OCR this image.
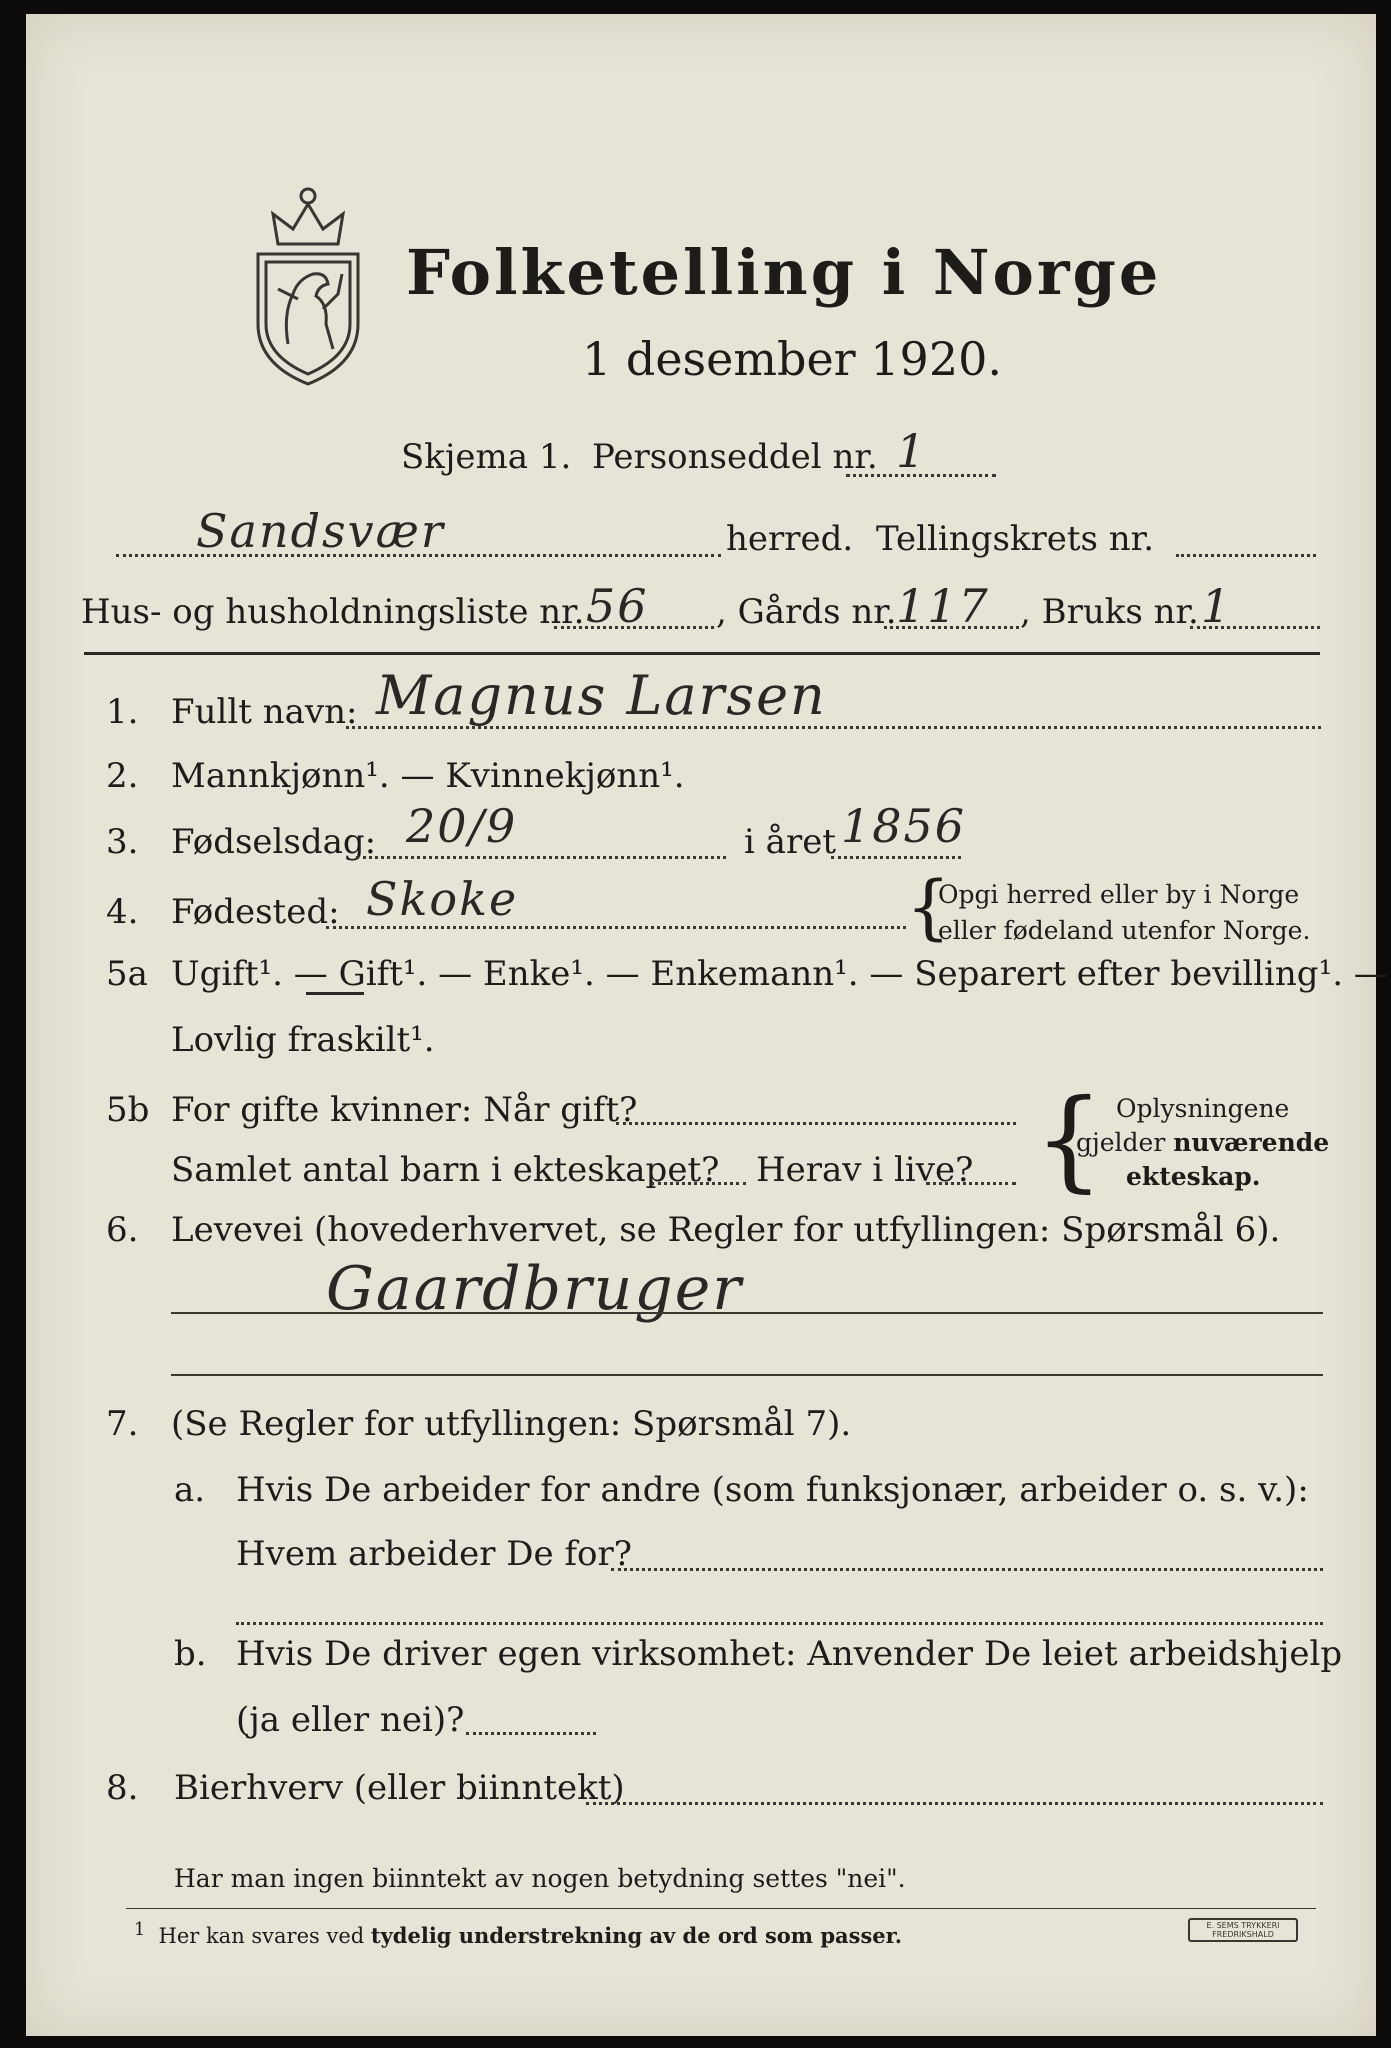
Folketelling i Norge
1 desember 1920.
Skjema 1. Personseddel nr. 1
Sandsvær	herred. Tellingskrets nr.
Hus- og husholdningsliste nr. 56 , Gårds nr. 117 , Bruks nr. 1
1. Fullt navn: Magnus Larsen
2. Mannkjønn¹. — Kvinnekjønn¹.
3. Fødselsdag: 20/9	i året 1856
4. Fødested: Skoke	{
Opgi herred eller by i Norge
eller fødeland utenfor Norge.
5a Ugift¹. — Gift¹. — Enke¹. — Enkemann¹. — Separert efter bevilling¹. —
Lovlig fraskilt¹.
5b For gifte kvinner: Når gift?
Samlet antal barn i ekteskapet? Herav i live? { Oplysningene
gjelder nuværende
ekteskap.
6. Levevei (hovederhvervet, se Regler for utfyllingen: Spørsmål 6).
Gaardbruger
7. (Se Regler for utfyllingen: Spørsmål 7).
a. Hvis De arbeider for andre (som funksjonær, arbeider o. s. v.):
Hvem arbeider De for?
b. Hvis De driver egen virksomhet: Anvender De leiet arbeidshjelp
(ja eller nei)?
8. Bierhverv (eller biinntekt)
Har man ingen biinntekt av nogen betydning settes "nei".
$^1$ Her kan svares ved tydelig understrekning av de ord som passer.	E. SEMS TRYKKERI
FREDRIKSHALD
